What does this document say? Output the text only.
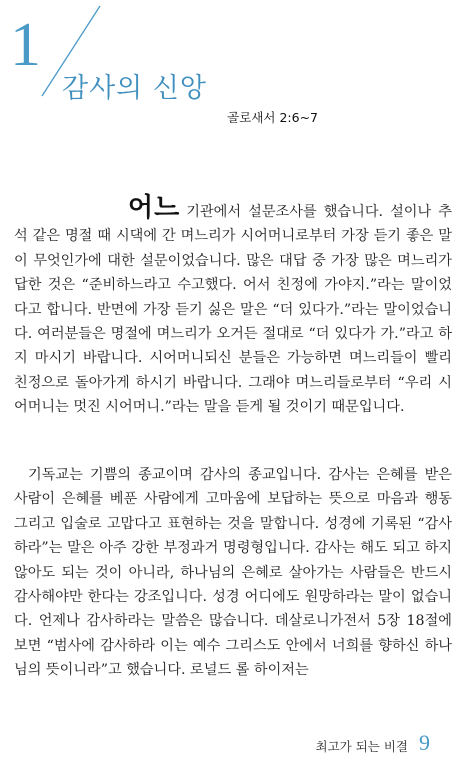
1
감사의 신앙
골로새서 2:6~7

어느 기관에서 설문조사를 했습니다. 설이나 추석 같은 명절 때 시댁에 간 며느리가 시어머니로부터 가장 듣기 좋은 말이 무엇인가에 대한 설문이었습니다. 많은 대답 중 가장 많은 며느리가 답한 것은 “준비하느라고 수고했다. 어서 친정에 가야지.”라는 말이었다고 합니다. 반면에 가장 듣기 싫은 말은 “더 있다가.”라는 말이었습니다. 여러분들은 명절에 며느리가 오거든 절대로 “더 있다가 가.”라고 하지 마시기 바랍니다. 시어머니되신 분들은 가능하면 며느리들이 빨리 친정으로 돌아가게 하시기 바랍니다. 그래야 며느리들로부터 “우리 시어머니는 멋진 시어머니.”라는 말을 듣게 될 것이기 때문입니다.

기독교는 기쁨의 종교이며 감사의 종교입니다. 감사는 은혜를 받은 사람이 은혜를 베푼 사람에게 고마움에 보답하는 뜻으로 마음과 행동 그리고 입술로 고맙다고 표현하는 것을 말합니다. 성경에 기록된 “감사하라”는 말은 아주 강한 부정과거 명령형입니다. 감사는 해도 되고 하지 않아도 되는 것이 아니라, 하나님의 은혜로 살아가는 사람들은 반드시 감사해야만 한다는 강조입니다. 성경 어디에도 원망하라는 말이 없습니다. 언제나 감사하라는 말씀은 많습니다. 데살로니가전서 5장 18절에 보면 “범사에 감사하라 이는 예수 그리스도 안에서 너희를 향하신 하나님의 뜻이니라”고 했습니다. 로널드 롤 하이저는

최고가 되는 비결 9
